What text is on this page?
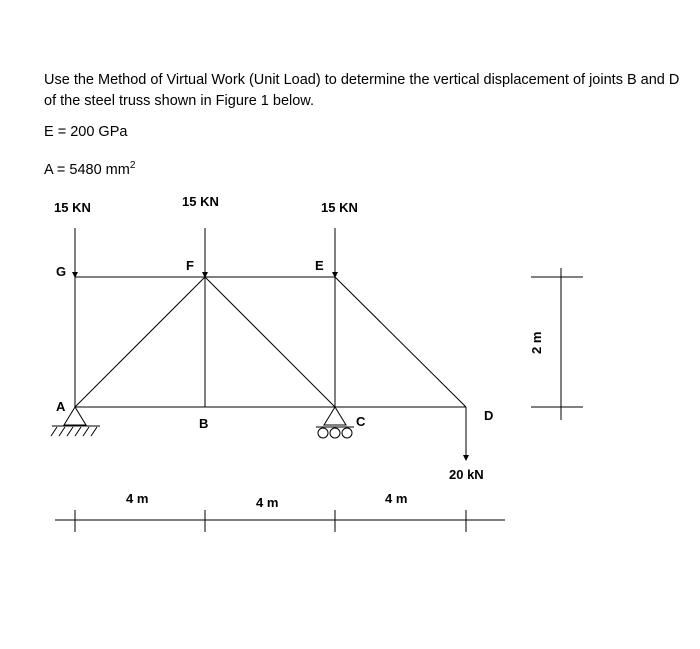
Use the Method of Virtual Work (Unit Load) to determine the vertical displacement of joints B and D of the steel truss shown in Figure 1 below.

E = 200 GPa

A = 5480 $mm^2$

15 KN	15 KN	15 KN
20 kN
G	F	E
A
B	C	D
4 m	4 m	4 m
2 m
